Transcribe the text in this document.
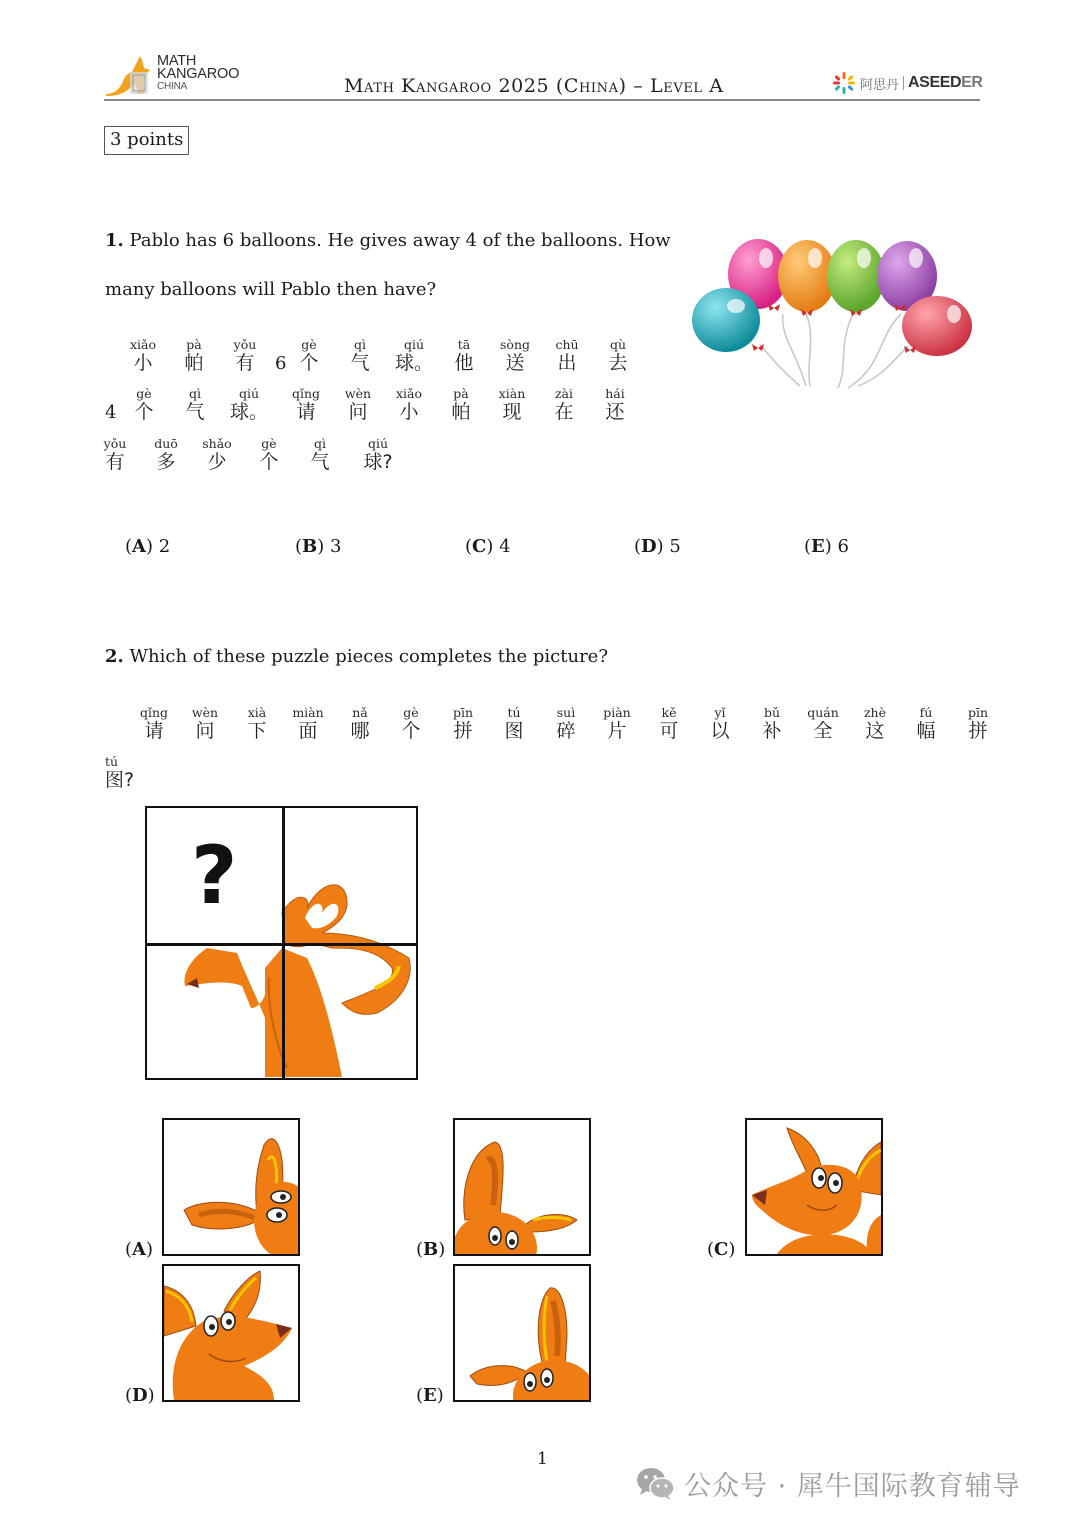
MATH
KANGAROO
CHINA	Math Kangaroo 2025 (China) – Level A	阿思丹 ASEEDER
3 points
1. Pablo has 6 balloons. He gives away 4 of the balloons. How
many balloons will Pablo then have?
xiǎo
小
pà
帕
yǒu
有	6
gè
个
qì
气
qiú
球。
tā
他
sòng
送
chū
出
qù
去
4
gè
个
qì
气
qiú
球。
qǐng
请
wèn
问
xiǎo
小
pà
帕
xiàn
现
zài
在
hái
还
yǒu
有
duō
多
shǎo
少
gè
个
qì
气
qiú
球?
(A) 2	(B) 3	(C) 4	(D) 5	(E) 6
2. Which of these puzzle pieces completes the picture?
qǐng
请
wèn
问
xià
下
miàn
面
nǎ
哪
gè
个
pīn
拼
tú
图
suì
碎
piàn
片
kě
可
yǐ
以
bǔ
补
quán
全
zhè
这
fú
幅
pīn
拼
tú
图?
?
(A)	(B)	(C)
(D)	(E)
1
公众号 · 犀牛国际教育辅导
